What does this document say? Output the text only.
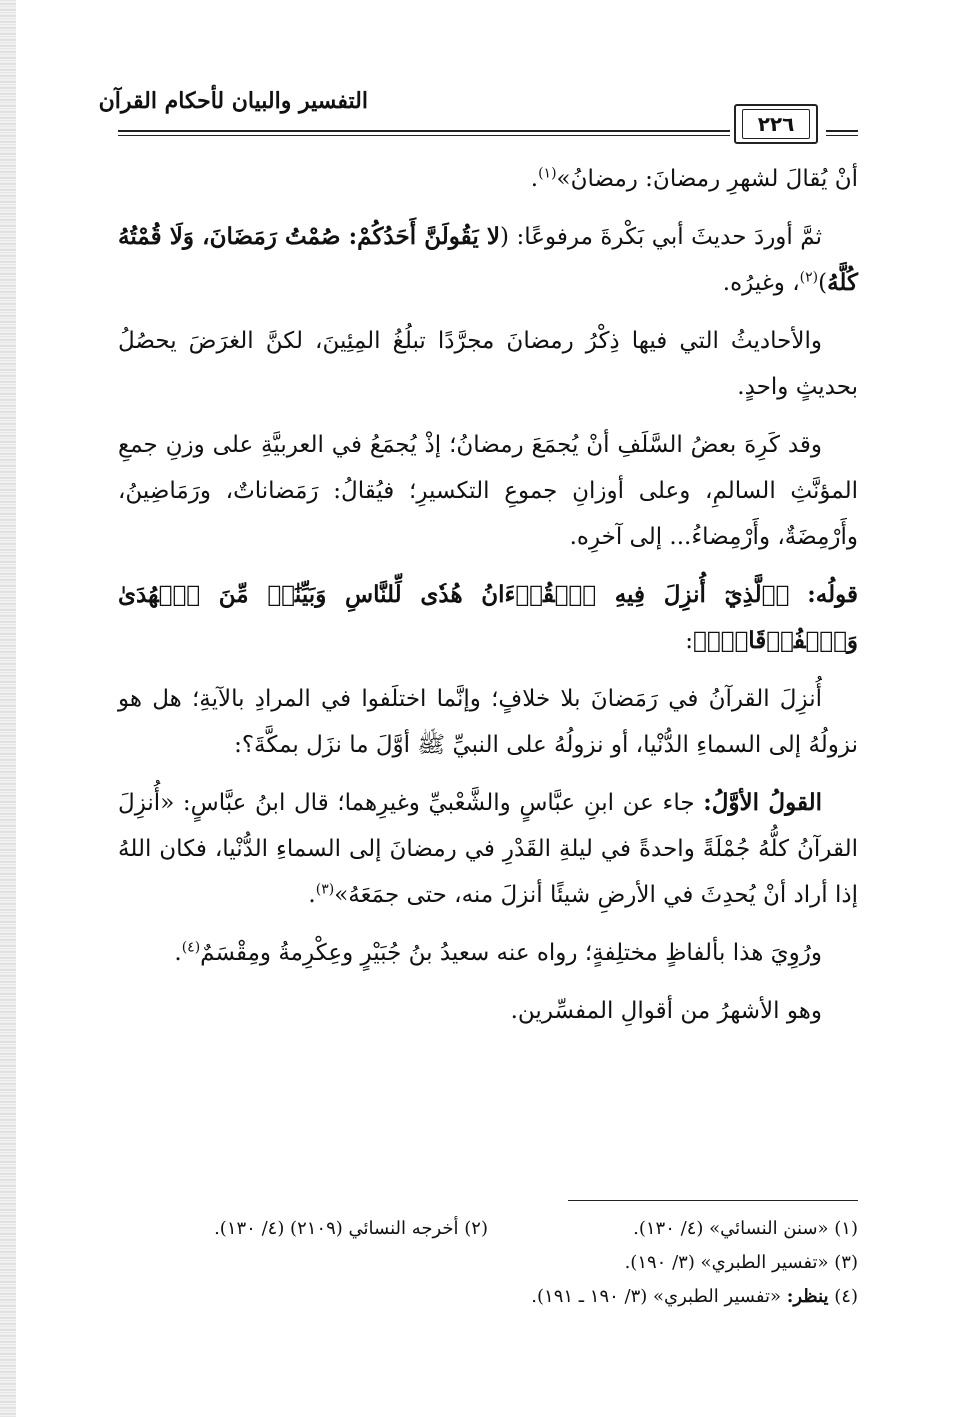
التفسير والبيان لأحكام القرآن
٢٢٦

أنْ يُقالَ لشهرِ رمضانَ: رمضانُ»$^{(١)}$.

ثمَّ أوردَ حديثَ أبي بَكْرةَ مرفوعًا: (لا يَقُولَنَّ أَحَدُكُمْ: صُمْتُ رَمَضَانَ، وَلَا قُمْتُهُ كُلَّهُ)$^{(٢)}$، وغيرُه.

والأحاديثُ التي فيها ذِكْرُ رمضانَ مجرَّدًا تبلُغُ المِئِينَ، لكنَّ الغرَضَ يحصُلُ بحديثٍ واحدٍ.

وقد كَرِهَ بعضُ السَّلَفِ أنْ يُجمَعَ رمضانُ؛ إذْ يُجمَعُ في العربيَّةِ على وزنِ جمعِ المؤنَّثِ السالمِ، وعلى أوزانِ جموعِ التكسيرِ؛ فيُقالُ: رَمَضاناتٌ، ورَمَاضِينُ، وأَرْمِضَةٌ، وأَرْمِضاءُ... إلى آخرِه.

قولُه: ﴿ٱلَّذِيٓ أُنزِلَ فِيهِ ٱلۡقُرۡءَانُ هُدٗى لِّلنَّاسِ وَبَيِّنَٰتٖ مِّنَ ٱلۡهُدَىٰ وَٱلۡفُرۡقَانِۚ﴾:

أُنزِلَ القرآنُ في رَمَضانَ بلا خلافٍ؛ وإنَّما اختلَفوا في المرادِ بالآيةِ؛ هل هو نزولُهُ إلى السماءِ الدُّنْيا، أو نزولُهُ على النبيِّ ﷺ أوَّلَ ما نزَل بمكَّةَ؟:

القولُ الأوَّلُ: جاء عن ابنِ عبَّاسٍ والشَّعْبيِّ وغيرِهما؛ قال ابنُ عبَّاسٍ: «أُنزِلَ القرآنُ كلُّهُ جُمْلَةً واحدةً في ليلةِ القَدْرِ في رمضانَ إلى السماءِ الدُّنْيا، فكان اللهُ إذا أراد أنْ يُحدِثَ في الأرضِ شيئًا أنزلَ منه، حتى جمَعَهُ»$^{(٣)}$.

ورُوِيَ هذا بألفاظٍ مختلِفةٍ؛ رواه عنه سعيدُ بنُ جُبَيْرٍ وعِكْرِمةُ ومِقْسَمٌ$^{(٤)}$.

وهو الأشهرُ من أقوالِ المفسِّرين.

(١) «سنن النسائي» (٤/ ١٣٠).
(٢) أخرجه النسائي (٢١٠٩) (٤/ ١٣٠).
(٣) «تفسير الطبري» (٣/ ١٩٠).
(٤) ينظر: «تفسير الطبري» (٣/ ١٩٠ ـ ١٩١).
